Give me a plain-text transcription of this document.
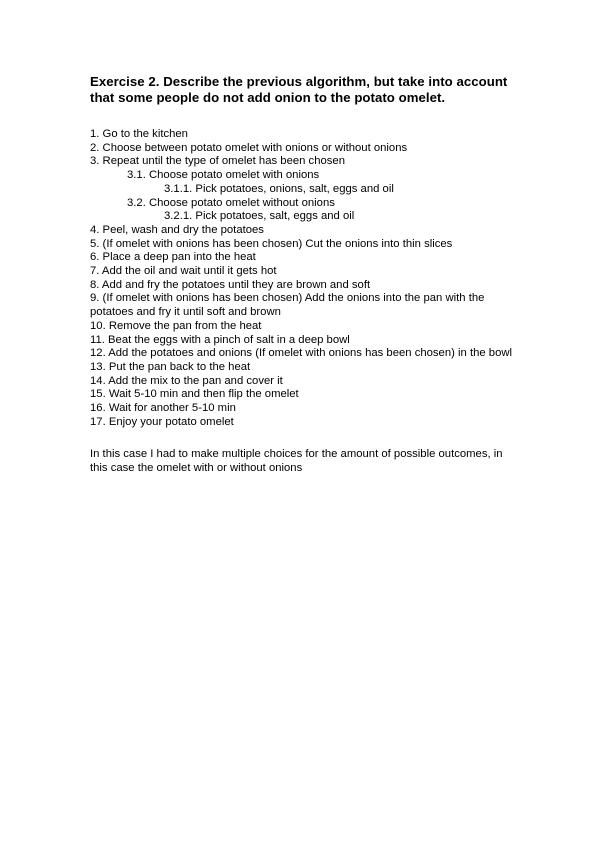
Exercise 2. Describe the previous algorithm, but take into account that some people do not add onion to the potato omelet.
1. Go to the kitchen
2. Choose between potato omelet with onions or without onions
3. Repeat until the type of omelet has been chosen
3.1. Choose potato omelet with onions
3.1.1. Pick potatoes, onions, salt, eggs and oil
3.2. Choose potato omelet without onions
3.2.1. Pick potatoes, salt, eggs and oil
4. Peel, wash and dry the potatoes
5. (If omelet with onions has been chosen) Cut the onions into thin slices
6. Place a deep pan into the heat
7. Add the oil and wait until it gets hot
8. Add and fry the potatoes until they are brown and soft
9. (If omelet with onions has been chosen) Add the onions into the pan with the potatoes and fry it until soft and brown
10. Remove the pan from the heat
11. Beat the eggs with a pinch of salt in a deep bowl
12. Add the potatoes and onions (If omelet with onions has been chosen) in the bowl
13. Put the pan back to the heat
14. Add the mix to the pan and cover it
15. Wait 5-10 min and then flip the omelet
16. Wait for another 5-10 min
17. Enjoy your potato omelet
In this case I had to make multiple choices for the amount of possible outcomes, in this case the omelet with or without onions
